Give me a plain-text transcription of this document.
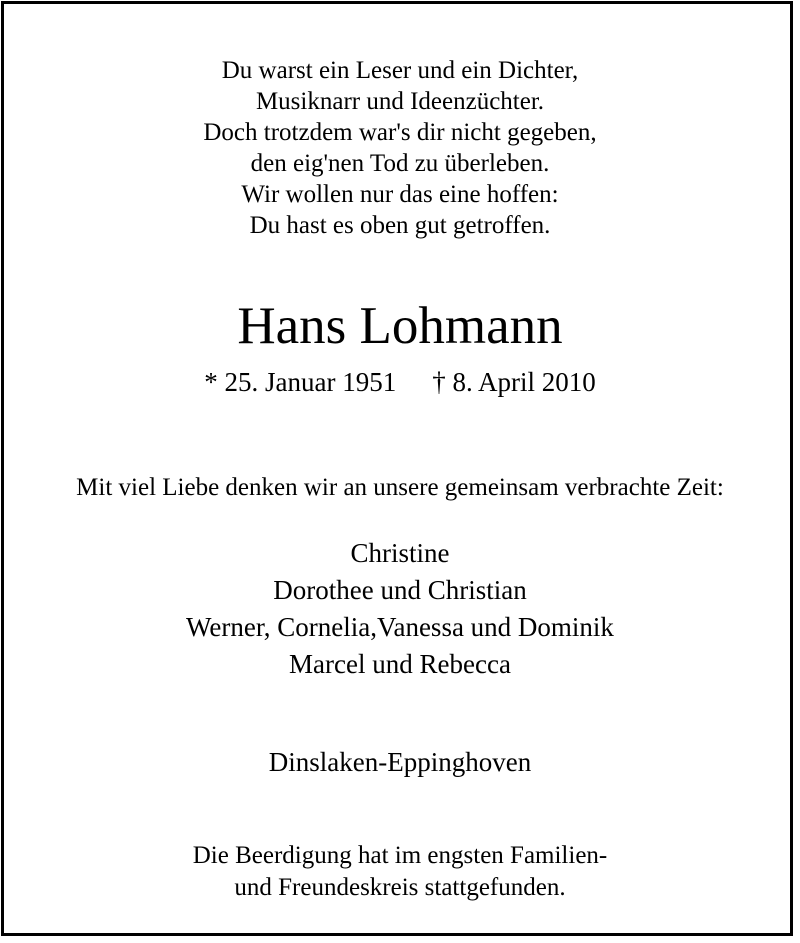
Du warst ein Leser und ein Dichter,
Musiknarr und Ideenzüchter.
Doch trotzdem war's dir nicht gegeben,
den eig'nen Tod zu überleben.
Wir wollen nur das eine hoffen:
Du hast es oben gut getroffen.
Hans Lohmann
* 25. Januar 1951 † 8. April 2010
Mit viel Liebe denken wir an unsere gemeinsam verbrachte Zeit:
Christine
Dorothee und Christian
Werner, Cornelia,Vanessa und Dominik
Marcel und Rebecca
Dinslaken-Eppinghoven
Die Beerdigung hat im engsten Familien-
und Freundeskreis stattgefunden.
